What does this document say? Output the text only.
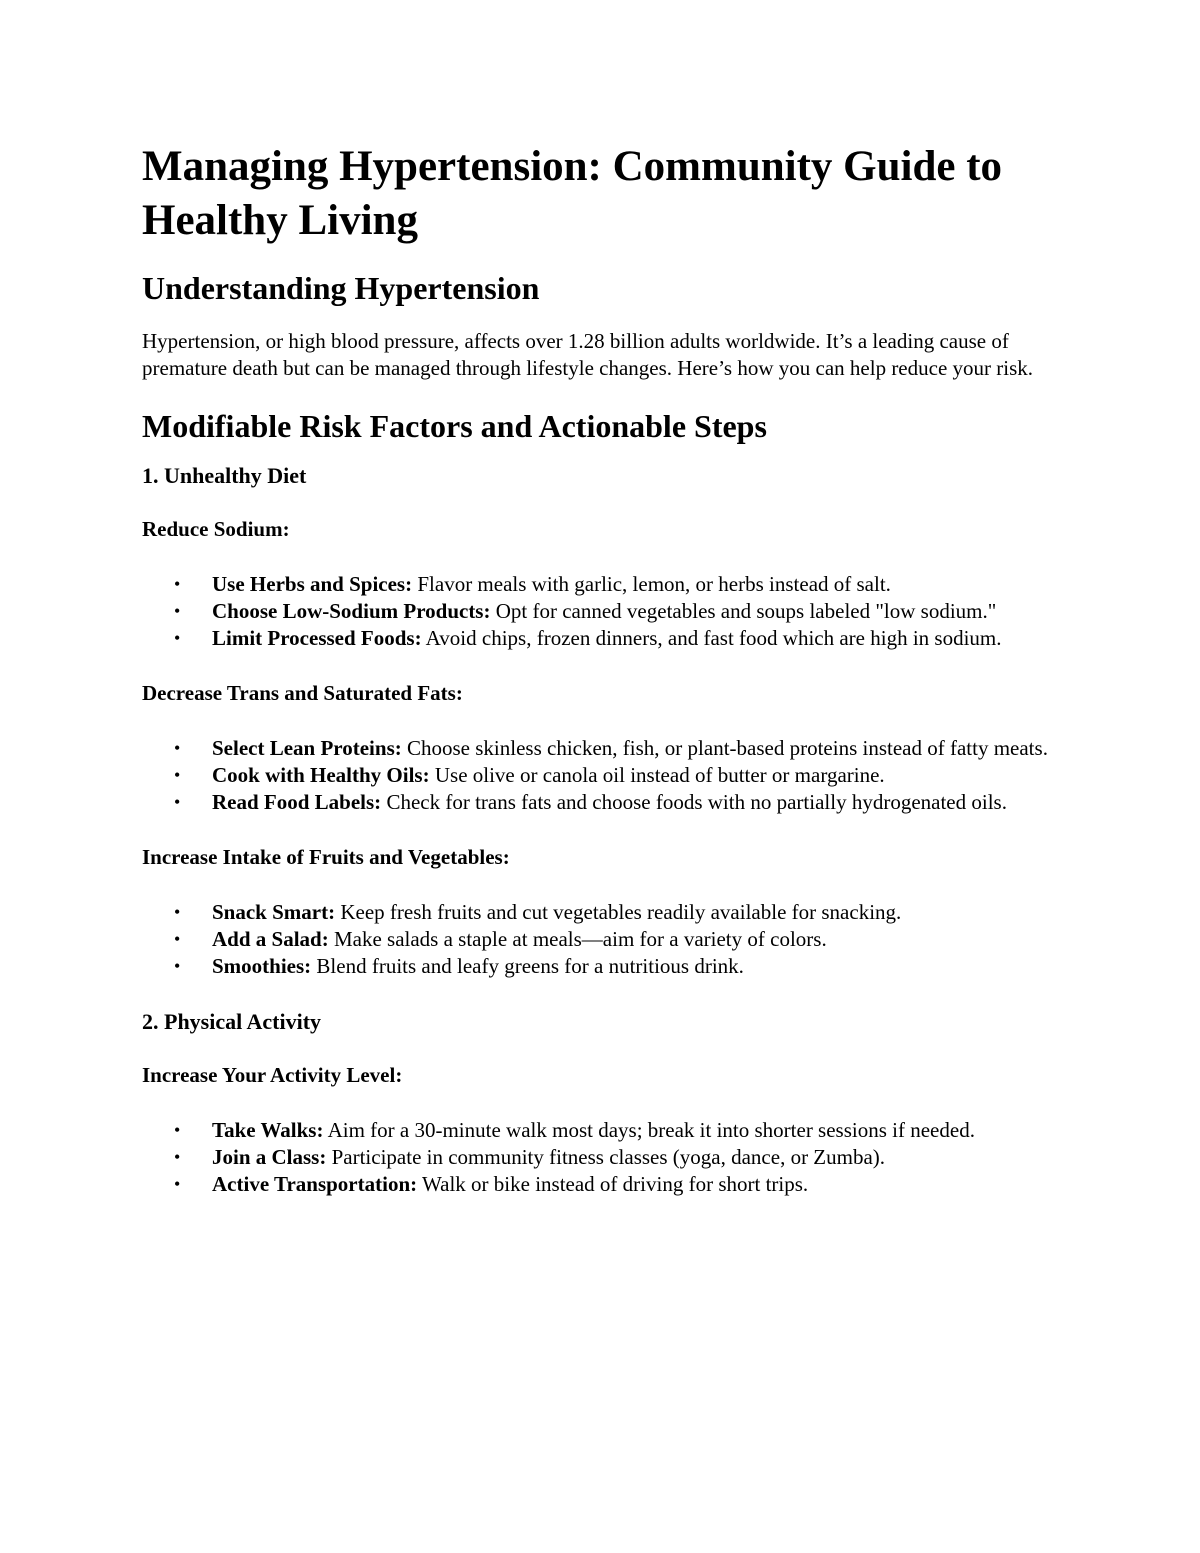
Managing Hypertension: Community Guide to Healthy Living
Understanding Hypertension

Hypertension, or high blood pressure, affects over 1.28 billion adults worldwide. It’s a leading cause of premature death but can be managed through lifestyle changes. Here’s how you can help reduce your risk.

Modifiable Risk Factors and Actionable Steps
1. Unhealthy Diet

Reduce Sodium:

• Use Herbs and Spices: Flavor meals with garlic, lemon, or herbs instead of salt.
• Choose Low-Sodium Products: Opt for canned vegetables and soups labeled "low sodium."
• Limit Processed Foods: Avoid chips, frozen dinners, and fast food which are high in sodium.

Decrease Trans and Saturated Fats:

• Select Lean Proteins: Choose skinless chicken, fish, or plant-based proteins instead of fatty meats.
• Cook with Healthy Oils: Use olive or canola oil instead of butter or margarine.
• Read Food Labels: Check for trans fats and choose foods with no partially hydrogenated oils.

Increase Intake of Fruits and Vegetables:

• Snack Smart: Keep fresh fruits and cut vegetables readily available for snacking.
• Add a Salad: Make salads a staple at meals—aim for a variety of colors.
• Smoothies: Blend fruits and leafy greens for a nutritious drink.
2. Physical Activity

Increase Your Activity Level:

• Take Walks: Aim for a 30-minute walk most days; break it into shorter sessions if needed.
• Join a Class: Participate in community fitness classes (yoga, dance, or Zumba).
• Active Transportation: Walk or bike instead of driving for short trips.
